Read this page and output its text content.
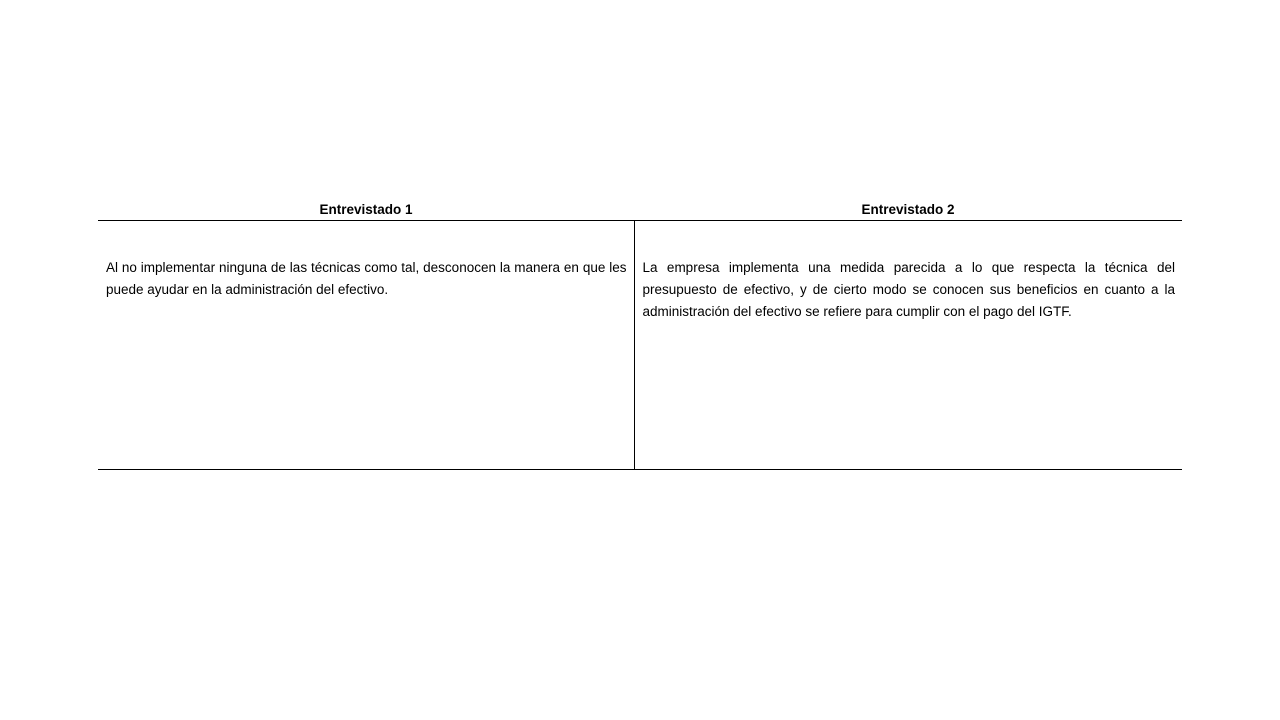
Entrevistado 1	Entrevistado 2
Al no implementar ninguna de las técnicas como tal, desconocen la manera en que les puede ayudar en la administración del efectivo.	La empresa implementa una medida parecida a lo que respecta la técnica del presupuesto de efectivo, y de cierto modo se conocen sus beneficios en cuanto a la administración del efectivo se refiere para cumplir con el pago del IGTF.
